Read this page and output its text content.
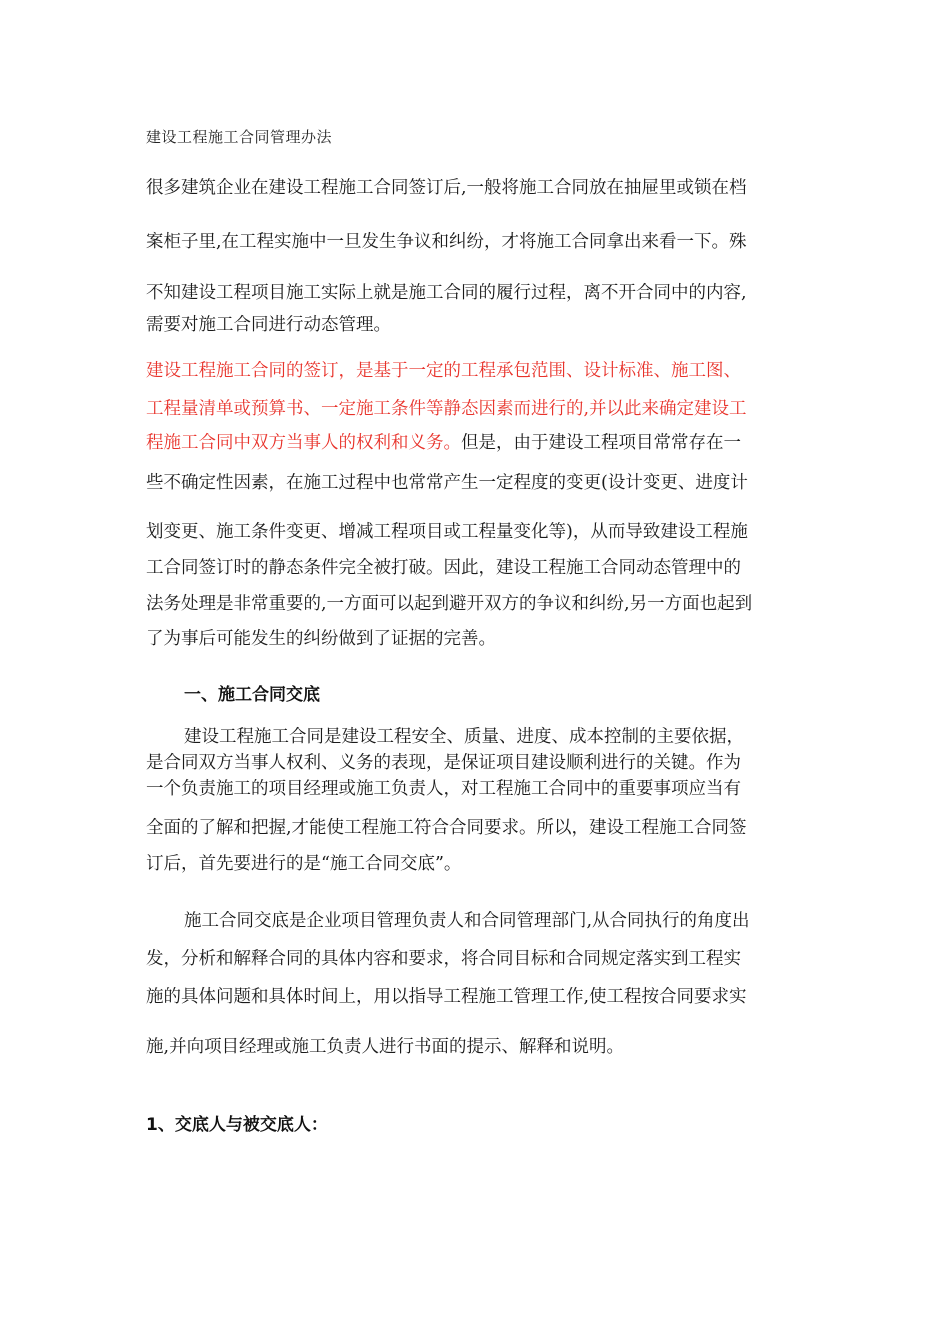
建设工程施工合同管理办法
很多建筑企业在建设工程施工合同签订后,一般将施工合同放在抽屉里或锁在档
案柜子里,在工程实施中一旦发生争议和纠纷，才将施工合同拿出来看一下。殊
不知建设工程项目施工实际上就是施工合同的履行过程，离不开合同中的内容,
需要对施工合同进行动态管理。
建设工程施工合同的签订，是基于一定的工程承包范围、设计标准、施工图、
工程量清单或预算书、一定施工条件等静态因素而进行的,并以此来确定建设工
程施工合同中双方当事人的权利和义务。但是，由于建设工程项目常常存在一
些不确定性因素，在施工过程中也常常产生一定程度的变更(设计变更、进度计
划变更、施工条件变更、增减工程项目或工程量变化等)，从而导致建设工程施
工合同签订时的静态条件完全被打破。因此，建设工程施工合同动态管理中的
法务处理是非常重要的,一方面可以起到避开双方的争议和纠纷,另一方面也起到
了为事后可能发生的纠纷做到了证据的完善。
一、施工合同交底
建设工程施工合同是建设工程安全、质量、进度、成本控制的主要依据，
是合同双方当事人权利、义务的表现，是保证项目建设顺利进行的关键。作为
一个负责施工的项目经理或施工负责人，对工程施工合同中的重要事项应当有
全面的了解和把握,才能使工程施工符合合同要求。所以，建设工程施工合同签
订后，首先要进行的是“施工合同交底”。
施工合同交底是企业项目管理负责人和合同管理部门,从合同执行的角度出
发，分析和解释合同的具体内容和要求，将合同目标和合同规定落实到工程实
施的具体问题和具体时间上，用以指导工程施工管理工作,使工程按合同要求实
施,并向项目经理或施工负责人进行书面的提示、解释和说明。
1、交底人与被交底人：
